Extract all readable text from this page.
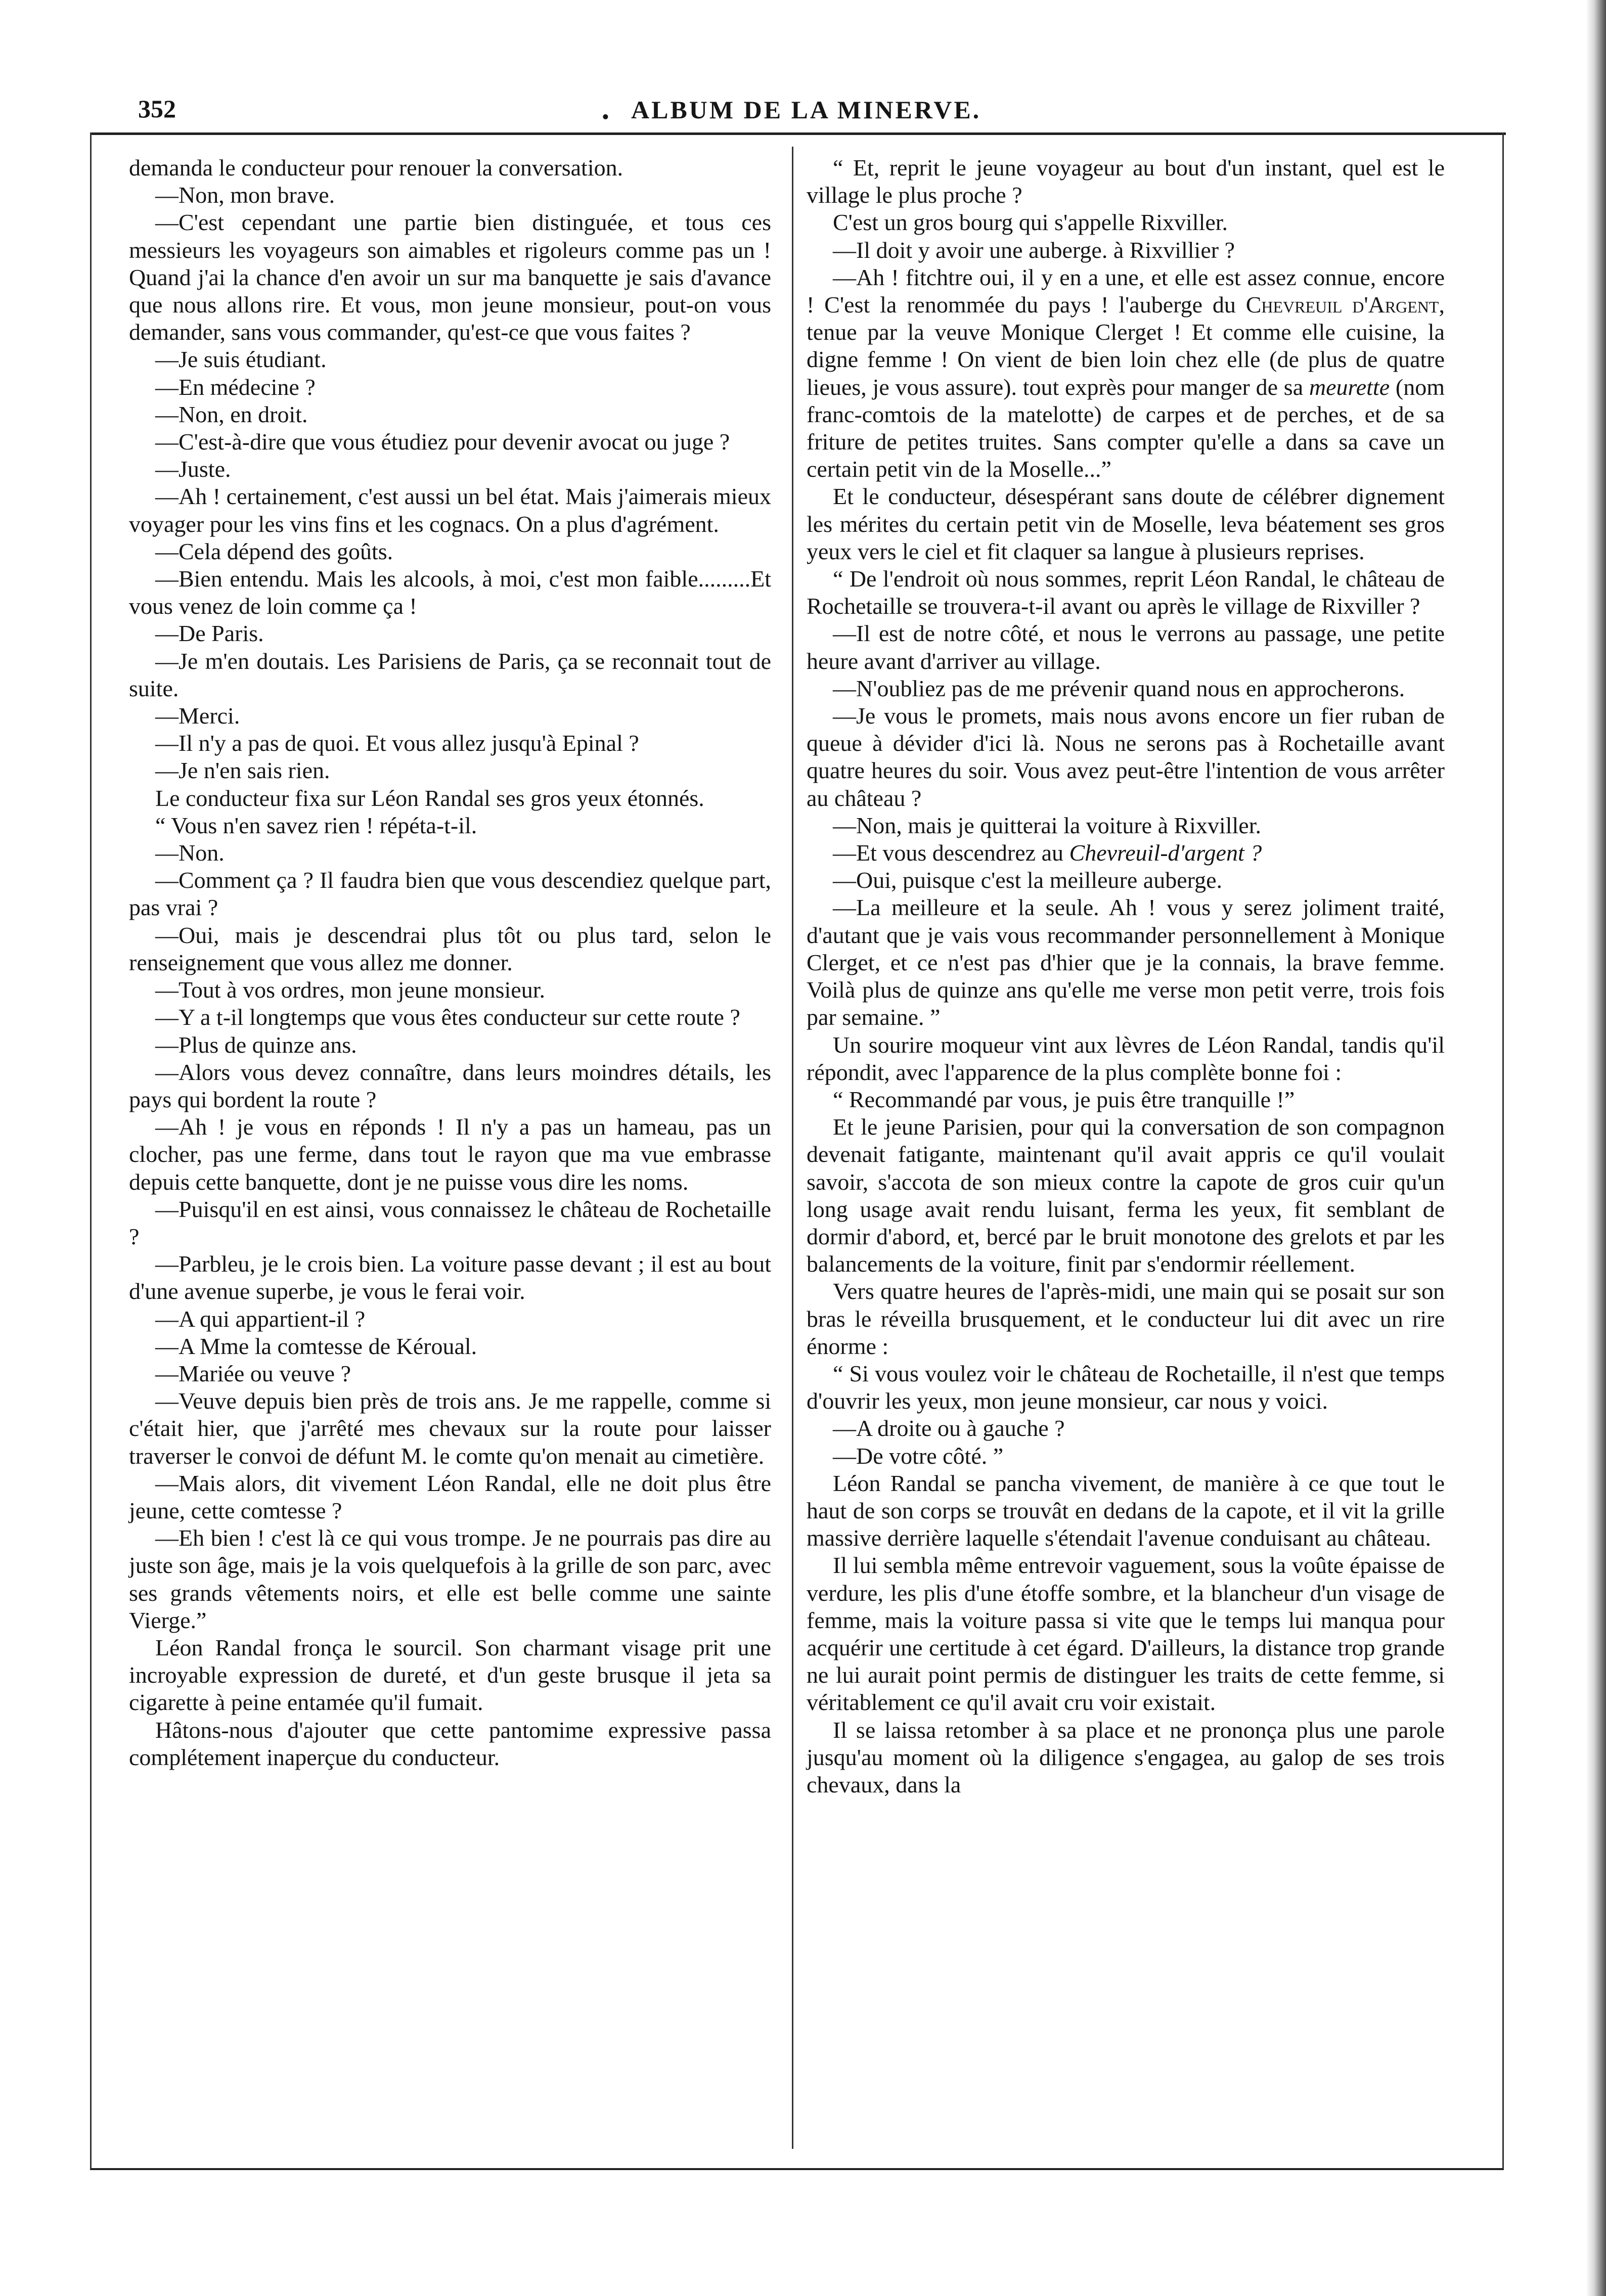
352	. ALBUM DE LA MINERVE.

demanda le conducteur pour renouer la conversation.

—Non, mon brave.

—C'est cependant une partie bien distinguée, et tous ces messieurs les voyageurs son aimables et rigoleurs comme pas un ! Quand j'ai la chance d'en avoir un sur ma banquette je sais d'avance que nous allons rire. Et vous, mon jeune monsieur, pout-on vous demander, sans vous commander, qu'est-ce que vous faites ?

—Je suis étudiant.

—En médecine ?

—Non, en droit.

—C'est-à-dire que vous étudiez pour devenir avocat ou juge ?

—Juste.

—Ah ! certainement, c'est aussi un bel état. Mais j'aimerais mieux voyager pour les vins fins et les cognacs. On a plus d'agrément.

—Cela dépend des goûts.

—Bien entendu. Mais les alcools, à moi, c'est mon faible.........Et vous venez de loin comme ça !

—De Paris.

—Je m'en doutais. Les Parisiens de Paris, ça se reconnait tout de suite.

—Merci.

—Il n'y a pas de quoi. Et vous allez jusqu'à Epinal ?

—Je n'en sais rien.

Le conducteur fixa sur Léon Randal ses gros yeux étonnés.

“ Vous n'en savez rien ! répéta-t-il.

—Non.

—Comment ça ? Il faudra bien que vous descendiez quelque part, pas vrai ?

—Oui, mais je descendrai plus tôt ou plus tard, selon le renseignement que vous allez me donner.

—Tout à vos ordres, mon jeune monsieur.

—Y a t-il longtemps que vous êtes conducteur sur cette route ?

—Plus de quinze ans.

—Alors vous devez connaître, dans leurs moindres détails, les pays qui bordent la route ?

—Ah ! je vous en réponds ! Il n'y a pas un hameau, pas un clocher, pas une ferme, dans tout le rayon que ma vue embrasse depuis cette banquette, dont je ne puisse vous dire les noms.

—Puisqu'il en est ainsi, vous connaissez le château de Rochetaille ?

—Parbleu, je le crois bien. La voiture passe devant ; il est au bout d'une avenue superbe, je vous le ferai voir.

—A qui appartient-il ?

—A Mme la comtesse de Kéroual.

—Mariée ou veuve ?

—Veuve depuis bien près de trois ans. Je me rappelle, comme si c'était hier, que j'arrêté mes chevaux sur la route pour laisser traverser le convoi de défunt M. le comte qu'on menait au cimetière.

—Mais alors, dit vivement Léon Randal, elle ne doit plus être jeune, cette comtesse ?

—Eh bien ! c'est là ce qui vous trompe. Je ne pourrais pas dire au juste son âge, mais je la vois quelquefois à la grille de son parc, avec ses grands vêtements noirs, et elle est belle comme une sainte Vierge.”

Léon Randal fronça le sourcil. Son charmant visage prit une incroyable expression de dureté, et d'un geste brusque il jeta sa cigarette à peine entamée qu'il fumait.

Hâtons-nous d'ajouter que cette pantomime expressive passa complétement inaperçue du conducteur.

“ Et, reprit le jeune voyageur au bout d'un instant, quel est le village le plus proche ?

C'est un gros bourg qui s'appelle Rixviller.

—Il doit y avoir une auberge. à Rixvillier ?

—Ah ! fitchtre oui, il y en a une, et elle est assez connue, encore ! C'est la renommée du pays ! l'auberge du Chevreuil d'Argent, tenue par la veuve Monique Clerget ! Et comme elle cuisine, la digne femme ! On vient de bien loin chez elle (de plus de quatre lieues, je vous assure). tout exprès pour manger de sa meurette (nom franc-comtois de la matelotte) de carpes et de perches, et de sa friture de petites truites. Sans compter qu'elle a dans sa cave un certain petit vin de la Moselle...”

Et le conducteur, désespérant sans doute de célébrer dignement les mérites du certain petit vin de Moselle, leva béatement ses gros yeux vers le ciel et fit claquer sa langue à plusieurs reprises.

“ De l'endroit où nous sommes, reprit Léon Randal, le château de Rochetaille se trouvera-t-il avant ou après le village de Rixviller ?

—Il est de notre côté, et nous le verrons au passage, une petite heure avant d'arriver au village.

—N'oubliez pas de me prévenir quand nous en approcherons.

—Je vous le promets, mais nous avons encore un fier ruban de queue à dévider d'ici là. Nous ne serons pas à Rochetaille avant quatre heures du soir. Vous avez peut-être l'intention de vous arrêter au château ?

—Non, mais je quitterai la voiture à Rixviller.

—Et vous descendrez au Chevreuil-d'argent ?

—Oui, puisque c'est la meilleure auberge.

—La meilleure et la seule. Ah ! vous y serez joliment traité, d'autant que je vais vous recommander personnellement à Monique Clerget, et ce n'est pas d'hier que je la connais, la brave femme. Voilà plus de quinze ans qu'elle me verse mon petit verre, trois fois par semaine. ”

Un sourire moqueur vint aux lèvres de Léon Randal, tandis qu'il répondit, avec l'apparence de la plus complète bonne foi :

“ Recommandé par vous, je puis être tranquille !”

Et le jeune Parisien, pour qui la conversation de son compagnon devenait fatigante, maintenant qu'il avait appris ce qu'il voulait savoir, s'accota de son mieux contre la capote de gros cuir qu'un long usage avait rendu luisant, ferma les yeux, fit semblant de dormir d'abord, et, bercé par le bruit monotone des grelots et par les balancements de la voiture, finit par s'endormir réellement.

Vers quatre heures de l'après-midi, une main qui se posait sur son bras le réveilla brusquement, et le conducteur lui dit avec un rire énorme :

“ Si vous voulez voir le château de Rochetaille, il n'est que temps d'ouvrir les yeux, mon jeune monsieur, car nous y voici.

—A droite ou à gauche ?

—De votre côté. ”

Léon Randal se pancha vivement, de manière à ce que tout le haut de son corps se trouvât en dedans de la capote, et il vit la grille massive derrière laquelle s'étendait l'avenue conduisant au château.

Il lui sembla même entrevoir vaguement, sous la voûte épaisse de verdure, les plis d'une étoffe sombre, et la blancheur d'un visage de femme, mais la voiture passa si vite que le temps lui manqua pour acquérir une certitude à cet égard. D'ailleurs, la distance trop grande ne lui aurait point permis de distinguer les traits de cette femme, si véritablement ce qu'il avait cru voir existait.

Il se laissa retomber à sa place et ne prononça plus une parole jusqu'au moment où la diligence s'engagea, au galop de ses trois chevaux, dans la
